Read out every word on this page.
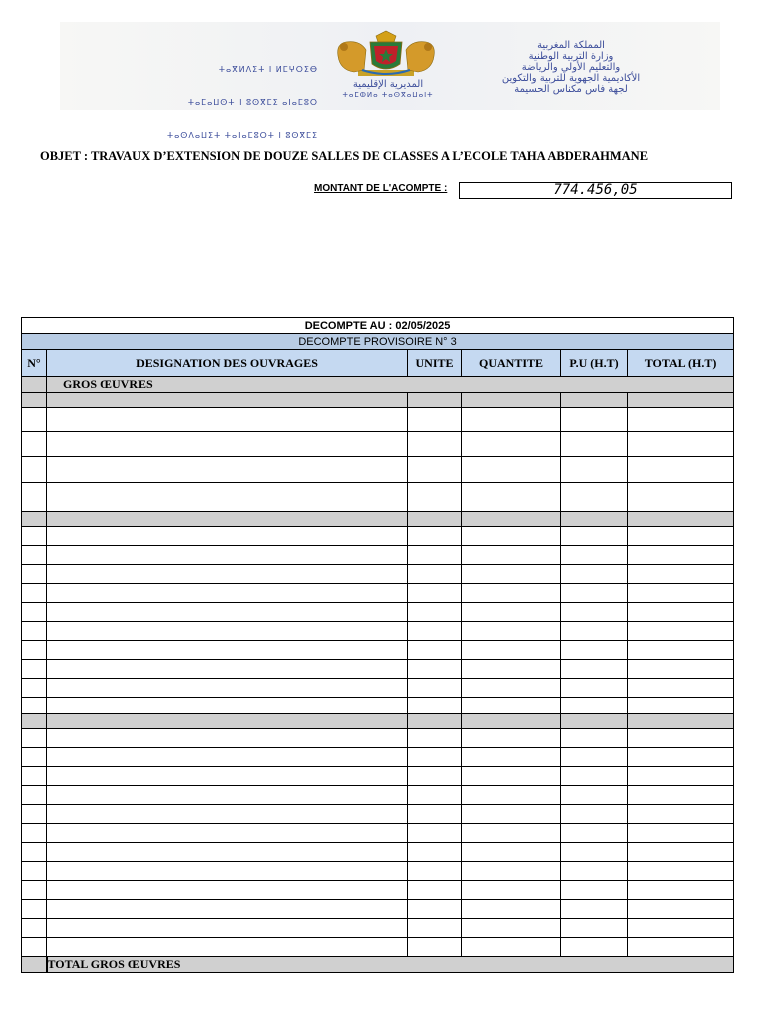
ⵜⴰⴳⵍⴷⵉⵜ ⵏ ⵍⵎⵖⵔⵉⴱ

ⵜⴰⵎⴰⵡⵙⵜ ⵏ ⵓⵙⴳⵎⵉ ⴰⵏⴰⵎⵓⵔ

ⵜⴰⵙⴷⴰⵡⵉⵜ ⵜⴰⵏⴰⵎⵓⵔⵜ ⵏ ⵓⵙⴳⵎⵉ

المملكة المغربية
وزارة التربية الوطنية
والتعليم الأولي والرياضة
الأكاديمية الجهوية للتربية والتكوين
لجهة فاس مكناس الحسيمة
المديرية الإقليمية
ⵜⴰⵎⵀⵍⴰ ⵜⴰⵙⴳⴰⵡⴰⵏⵜ
OBJET : TRAVAUX D’EXTENSION DE DOUZE SALLES DE CLASSES A L’ECOLE TAHA ABDERAHMANE
MONTANT DE L'ACOMPTE :	774.456,05
DECOMPTE AU : 02/05/2025					
DECOMPTE PROVISOIRE N° 3					
N°	DESIGNATION DES OUVRAGES	UNITE	QUANTITE	P.U (H.T)	TOTAL (H.T)
	GROS ŒUVRES				

	TOTAL GROS ŒUVRES				
